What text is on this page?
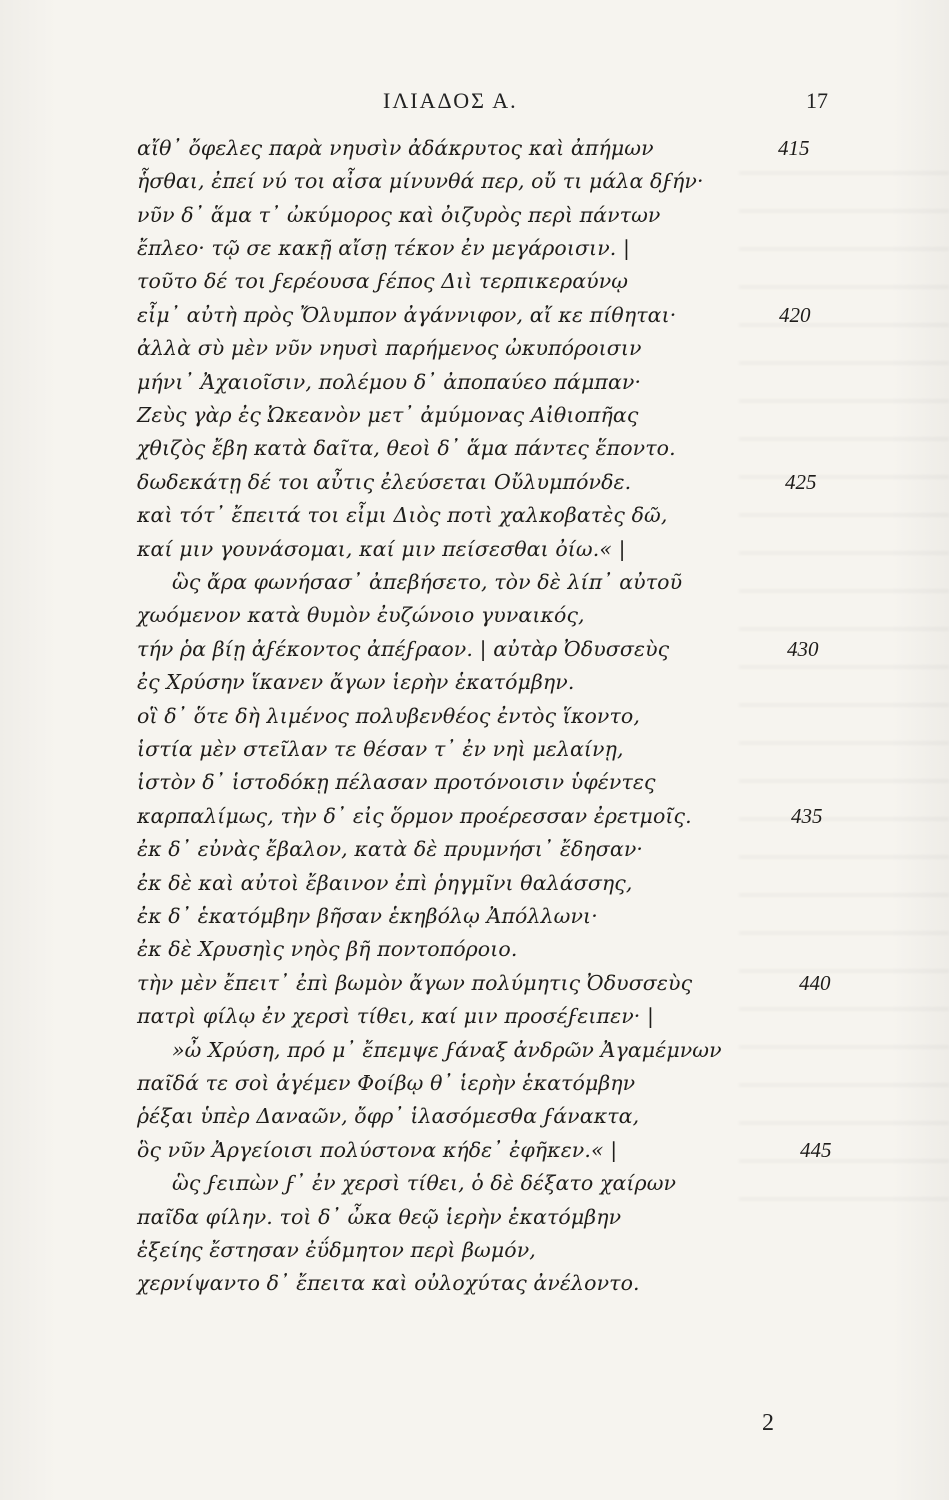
ΙΛΙΑΔΟΣ Α.	17
αἴθ᾽ ὄφελες παρὰ νηυσὶν ἀδάκρυτος καὶ ἀπήμων	415
ἧσθαι, ἐπεί νύ τοι αἶσα μίνυνθά περ, οὔ τι μάλα δϝήν·
νῦν δ᾽ ἅμα τ᾽ ὠκύμορος καὶ ὀιζυρὸς περὶ πάντων
ἔπλεο· τῷ σε κακῇ αἴσῃ τέκον ἐν μεγάροισιν. |
τοῦτο δέ τοι ϝερέουσα ϝέπος Διὶ τερπικεραύνῳ
εἶμ᾽ αὐτὴ πρὸς Ὄλυμπον ἀγάννιφον, αἴ κε πίθηται·	420
ἀλλὰ σὺ μὲν νῦν νηυσὶ παρήμενος ὠκυπόροισιν
μήνι᾽ Ἀχαιοῖσιν, πολέμου δ᾽ ἀποπαύεο πάμπαν·
Ζεὺς γὰρ ἐς Ὠκεανὸν μετ᾽ ἀμύμονας Αἰθιοπῆας
χθιζὸς ἔβη κατὰ δαῖτα, θεοὶ δ᾽ ἅμα πάντες ἕποντο.
δωδεκάτῃ δέ τοι αὖτις ἐλεύσεται Οὔλυμπόνδε.	425
καὶ τότ᾽ ἔπειτά τοι εἶμι Διὸς ποτὶ χαλκοβατὲς δῶ,
καί μιν γουνάσομαι, καί μιν πείσεσθαι ὀίω.« |
ὣς ἄρα φωνήσασ᾽ ἀπεβήσετο, τὸν δὲ λίπ᾽ αὐτοῦ
χωόμενον κατὰ θυμὸν ἐυζώνοιο γυναικός,
τήν ῥα βίῃ ἀϝέκοντος ἀπέϝραον. | αὐτὰρ Ὀδυσσεὺς	430
ἐς Χρύσην ἵκανεν ἄγων ἱερὴν ἑκατόμβην.
οἳ δ᾽ ὅτε δὴ λιμένος πολυβενθέος ἐντὸς ἵκοντο,
ἱστία μὲν στεῖλαν τε θέσαν τ᾽ ἐν νηὶ μελαίνῃ,
ἱστὸν δ᾽ ἱστοδόκῃ πέλασαν προτόνοισιν ὑφέντες
καρπαλίμως, τὴν δ᾽ εἰς ὅρμον προέρεσσαν ἐρετμοῖς.	435
ἐκ δ᾽ εὐνὰς ἔβαλον, κατὰ δὲ πρυμνήσι᾽ ἔδησαν·
ἐκ δὲ καὶ αὐτοὶ ἔβαινον ἐπὶ ῥηγμῖνι θαλάσσης,
ἐκ δ᾽ ἑκατόμβην βῆσαν ἑκηβόλῳ Ἀπόλλωνι·
ἐκ δὲ Χρυσηὶς νηὸς βῆ ποντοπόροιο.
τὴν μὲν ἔπειτ᾽ ἐπὶ βωμὸν ἄγων πολύμητις Ὀδυσσεὺς	440
πατρὶ φίλῳ ἐν χερσὶ τίθει, καί μιν προσέϝειπεν· |
»ὦ Χρύση, πρό μ᾽ ἔπεμψε ϝάναξ ἀνδρῶν Ἀγαμέμνων
παῖδά τε σοὶ ἀγέμεν Φοίβῳ θ᾽ ἱερὴν ἑκατόμβην
ῥέξαι ὑπὲρ Δαναῶν, ὄφρ᾽ ἱλασόμεσθα ϝάνακτα,
ὃς νῦν Ἀργείοισι πολύστονα κήδε᾽ ἐφῆκεν.« |	445
ὣς ϝειπὼν ϝ᾽ ἐν χερσὶ τίθει, ὁ δὲ δέξατο χαίρων
παῖδα φίλην. τοὶ δ᾽ ὦκα θεῷ ἱερὴν ἑκατόμβην
ἑξείης ἔστησαν ἐΰδμητον περὶ βωμόν,
χερνίψαντο δ᾽ ἔπειτα καὶ οὐλοχύτας ἀνέλοντο.
2
